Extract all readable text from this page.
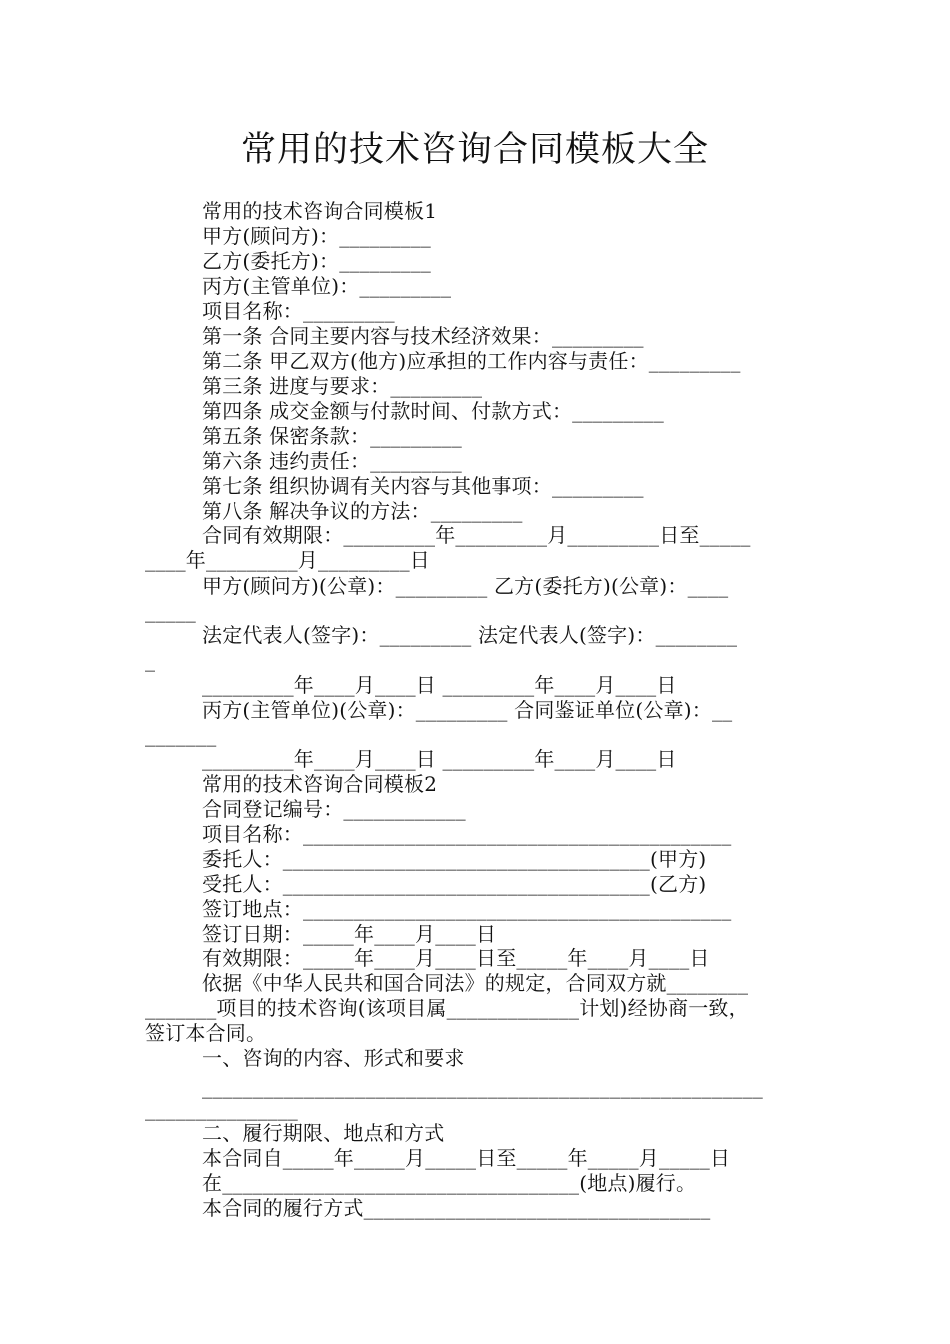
常用的技术咨询合同模板大全
常用的技术咨询合同模板1
甲方(顾问方)：_________
乙方(委托方)：_________
丙方(主管单位)：_________
项目名称：_________
第一条 合同主要内容与技术经济效果：_________
第二条 甲乙双方(他方)应承担的工作内容与责任：_________
第三条 进度与要求：_________
第四条 成交金额与付款时间、付款方式：_________
第五条 保密条款：_________
第六条 违约责任：_________
第七条 组织协调有关内容与其他事项：_________
第八条 解决争议的方法：_________
合同有效期限：_________年_________月_________日至_____
____年_________月_________日
甲方(顾问方)(公章)：_________ 乙方(委托方)(公章)：____
_____
法定代表人(签字)：_________ 法定代表人(签字)：________
_
_________年____月____日 _________年____月____日
丙方(主管单位)(公章)：_________ 合同鉴证单位(公章)：__
_______
_________年____月____日 _________年____月____日
常用的技术咨询合同模板2
合同登记编号：____________
项目名称：__________________________________________
委托人：____________________________________(甲方)
受托人：____________________________________(乙方)
签订地点：__________________________________________
签订日期：_____年____月____日
有效期限：_____年____月____日至_____年____月____日
依据《中华人民共和国合同法》的规定，合同双方就________
_______项目的技术咨询(该项目属_____________计划)经协商一致，
签订本合同。
一、咨询的内容、形式和要求
_______________________________________________________
_______________
二、履行期限、地点和方式
本合同自_____年_____月_____日至_____年_____月_____日
在___________________________________(地点)履行。
本合同的履行方式__________________________________
